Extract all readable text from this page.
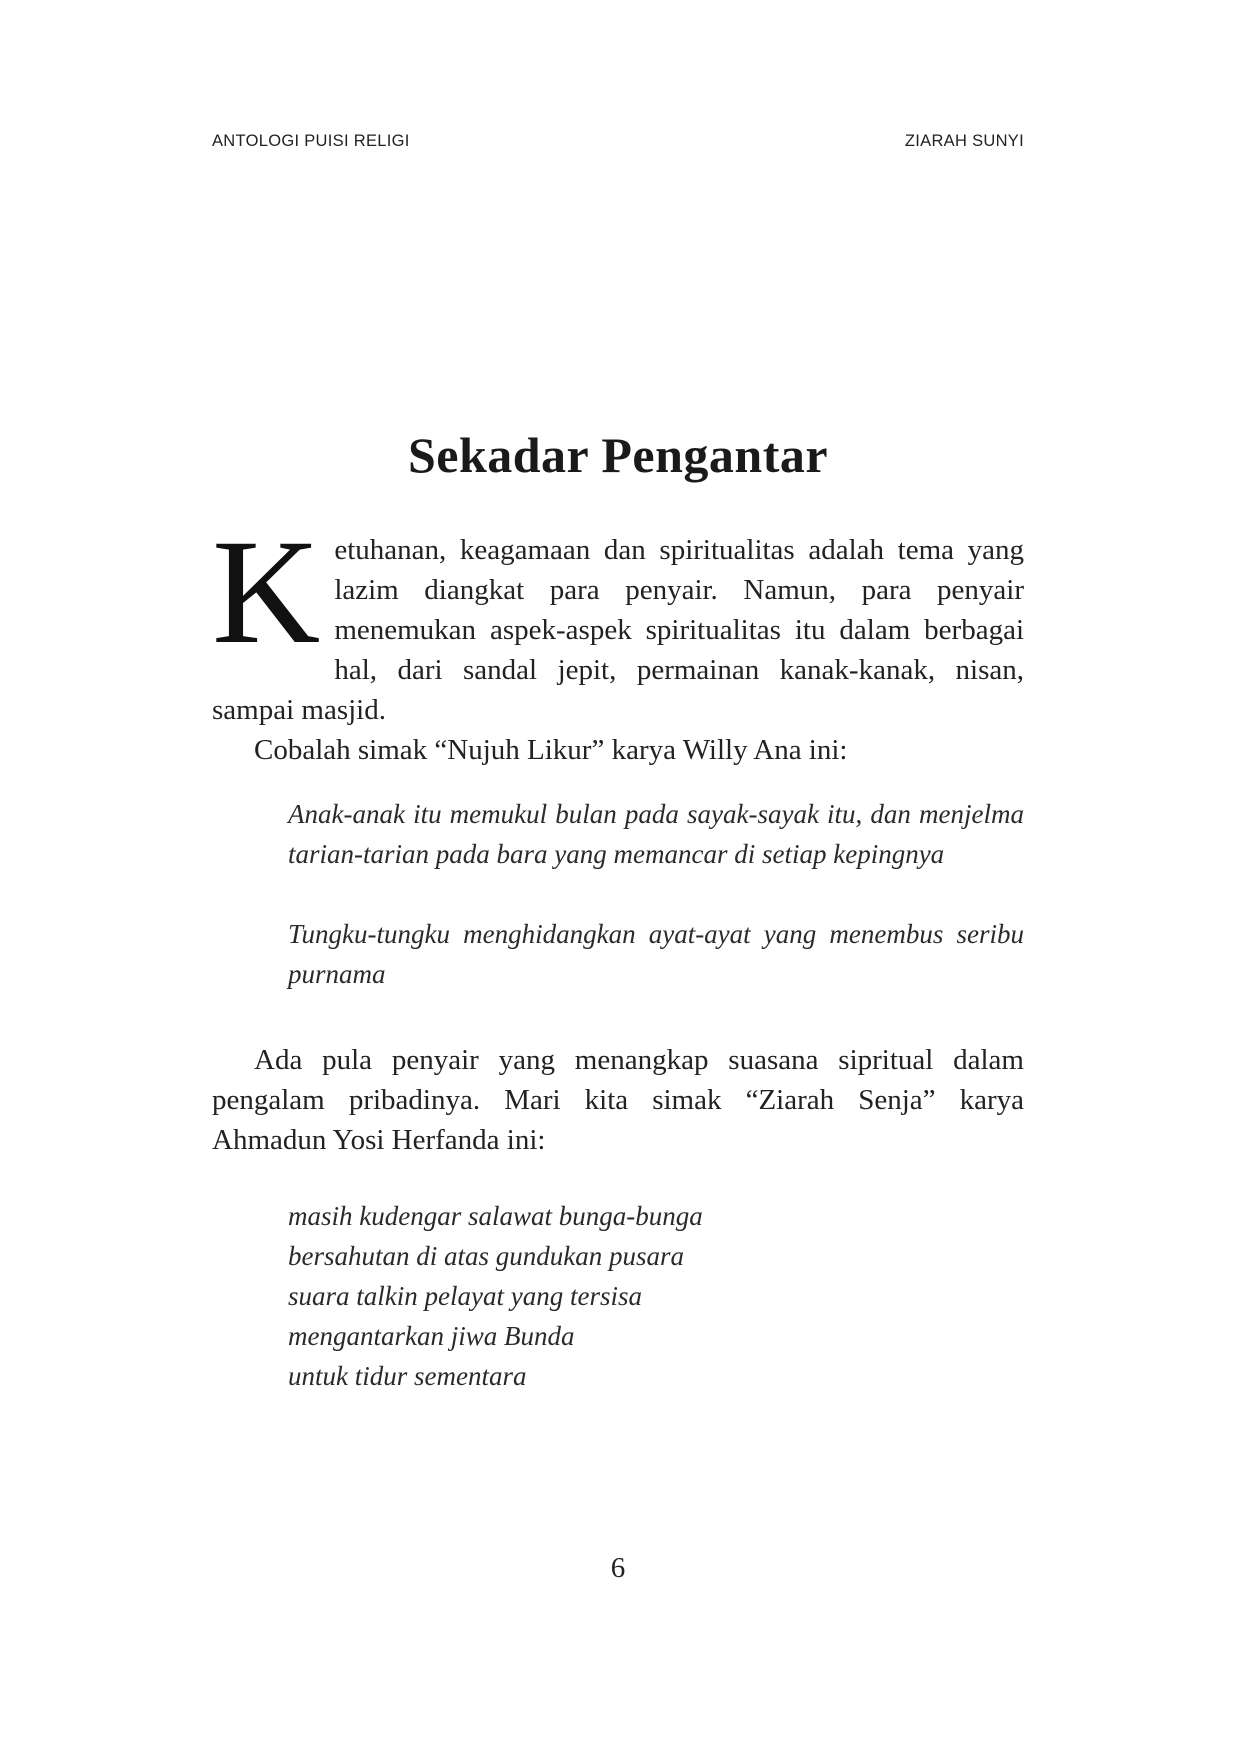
ANTOLOGI PUISI RELIGI	ZIARAH SUNYI
Sekadar Pengantar

Ketuhanan, keagamaan dan spiritualitas adalah tema yang lazim diangkat para penyair. Namun, para penyair menemukan aspek-aspek spiritualitas itu dalam berbagai hal, dari sandal jepit, permainan kanak-kanak, nisan, sampai masjid.

Cobalah simak “Nujuh Likur” karya Willy Ana ini:

Anak-anak itu memukul bulan pada sayak-sayak itu, dan menjelma tarian-tarian pada bara yang memancar di setiap kepingnya

Tungku-tungku menghidangkan ayat-ayat yang menembus seribu purnama

Ada pula penyair yang menangkap suasana sipritual dalam pengalam pribadinya. Mari kita simak “Ziarah Senja” karya Ahmadun Yosi Herfanda ini:

masih kudengar salawat bunga-bunga
bersahutan di atas gundukan pusara
suara talkin pelayat yang tersisa
mengantarkan jiwa Bunda
untuk tidur sementara
6
